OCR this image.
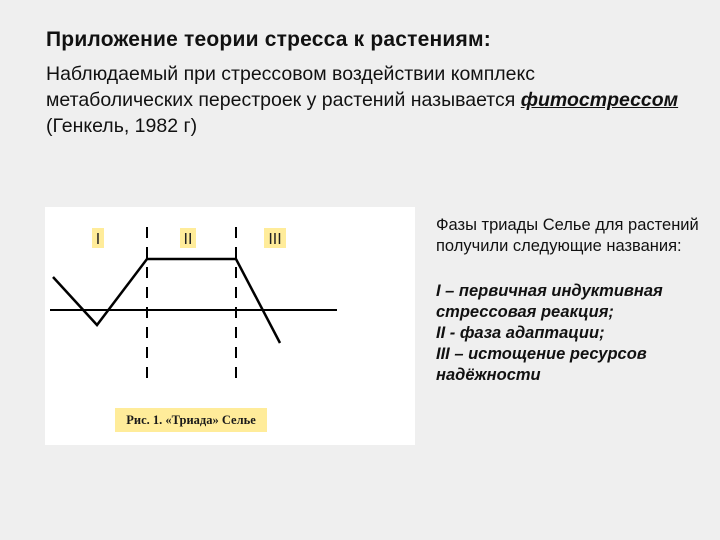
Приложение теории стресса к растениям:
Наблюдаемый при стрессовом воздействии комплекс метаболических перестроек у растений называется фитострессом (Генкель, 1982 г)
I	II	III
Рис. 1. «Триада» Селье
Фазы триады Селье для растений получили следующие названия:
I – первичная индуктивная стрессовая реакция;
II - фаза адаптации;
III – истощение ресурсов надёжности
